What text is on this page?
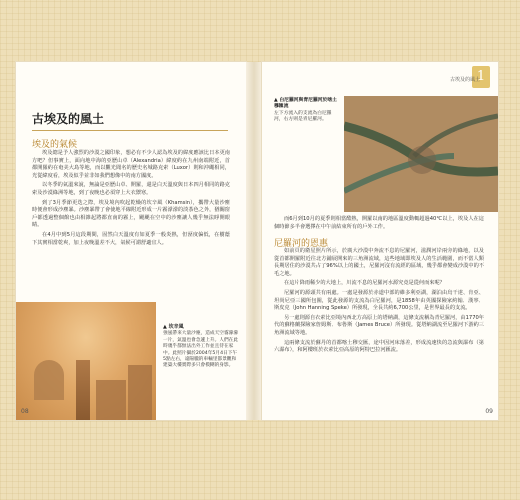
古埃及的風土
埃及的氣候

埃及總是予人強烈的沙漠之國印象，想必有不少人認為埃及的緯度應該比日本更南方吧？但事實上，面向地中海的亞歷山卓（Alexandria）緯度約在九州南端附近，首都開羅約在奄美大島等地，而以觀光聞名的歷史名城路克索（Luxor）則和沖繩相同，光從緯度看，埃及似乎並非如我們想像中的南方國度。

以冬季的氣溫來說，無論是亞歷山卓、開羅，還是白天溫度與日本四月相同的路克索及沙漠綠洲等地，到了夜晚也必須穿上大衣禦寒。

到了3月季節更迭之際，埃及境內吹起乾燥的坎辛風（Khamsin），攜帶大量沙塵時便會形成沙塵暴。沙塵暴帶了會使地平線附近形成一片霧濛濛的淡茶色之外，猶關窗戶都透過整個館也由相雜起將都直南的霧上，颶颶在空中的沙塵讓人幾乎無法睜開眼睛。

在4月中到5月這段期間，固然白天溫度有如夏季一般炎熱，但溼度偏低，在樹蔭下其實相當乾爽，加上夜晚溫差不大，氣候可謂舒適宜人。

▲ 坎辛風
強風帶來大量沙塵，造成天空霧濛濛一片，氣溫也會急遽上升。人們在此時幾乎都無法出外工作並且待在家中。此照片攝於2004年5月4日下午5點左右，遠陽臘的車輛里都景觀和建築大樓實際多只會模糊的身影。
08
1
古埃及的風土
▲ 白尼羅河與青尼羅河於喀土穆匯流
左下方流入的支流為白尼羅河，右方則是青尼羅河。

而6月到10月的夏季則相當酷熱，開羅以南的地區溫度動輒超過40℃以上，埃及人在這個時節多半會選擇在中午前結束所有的戶外工作。

尼羅河的恩惠

如前頁的衛星照片所示，於廣大沙漠中奔流不息的尼羅河，滋潤河岸兩旁的綠地，以及從首都開羅附近往北方鋪展開來的三角洲流域，這些地域即埃及人的生活範圍，而不當人類長期居住的沙漠共占了96%以上的國土，尼羅河沒有流經的區域，幾乎都會變成沙漠中的不毛之地。

在這片降雨稀少的大地上，川流不息的尼羅河水源究竟是從何而來呢？

尼羅河的源頭共有兩處。一處是發源於赤道中部的維多利亞湖，湖泊由烏干達、肯亞、坦尚尼亞三國所包圍，從此發源的支流為白尼羅河，是1858年由英國探險家約翰．漢寧．斯皮克（John Hanning Speke）所發現，全長共約6,700公里，是世界最長的支流。

另一處則源自衣索比亞境內西北方高原上的塔納湖，這條支流稱為青尼羅河，由1770年代的蘇格蘭探險家詹姆斯．布魯斯（James Bruce）所發現。從塔納湖流至尼羅河下游約三角洲流域等地。

這兩條支流於蘇丹的首都喀土穆交匯，途中因河床落差，形成流速快的急流與瀑布（第六瀑布），和阿樓班於衣索比亞高原的阿特巴拉河匯流。

09
